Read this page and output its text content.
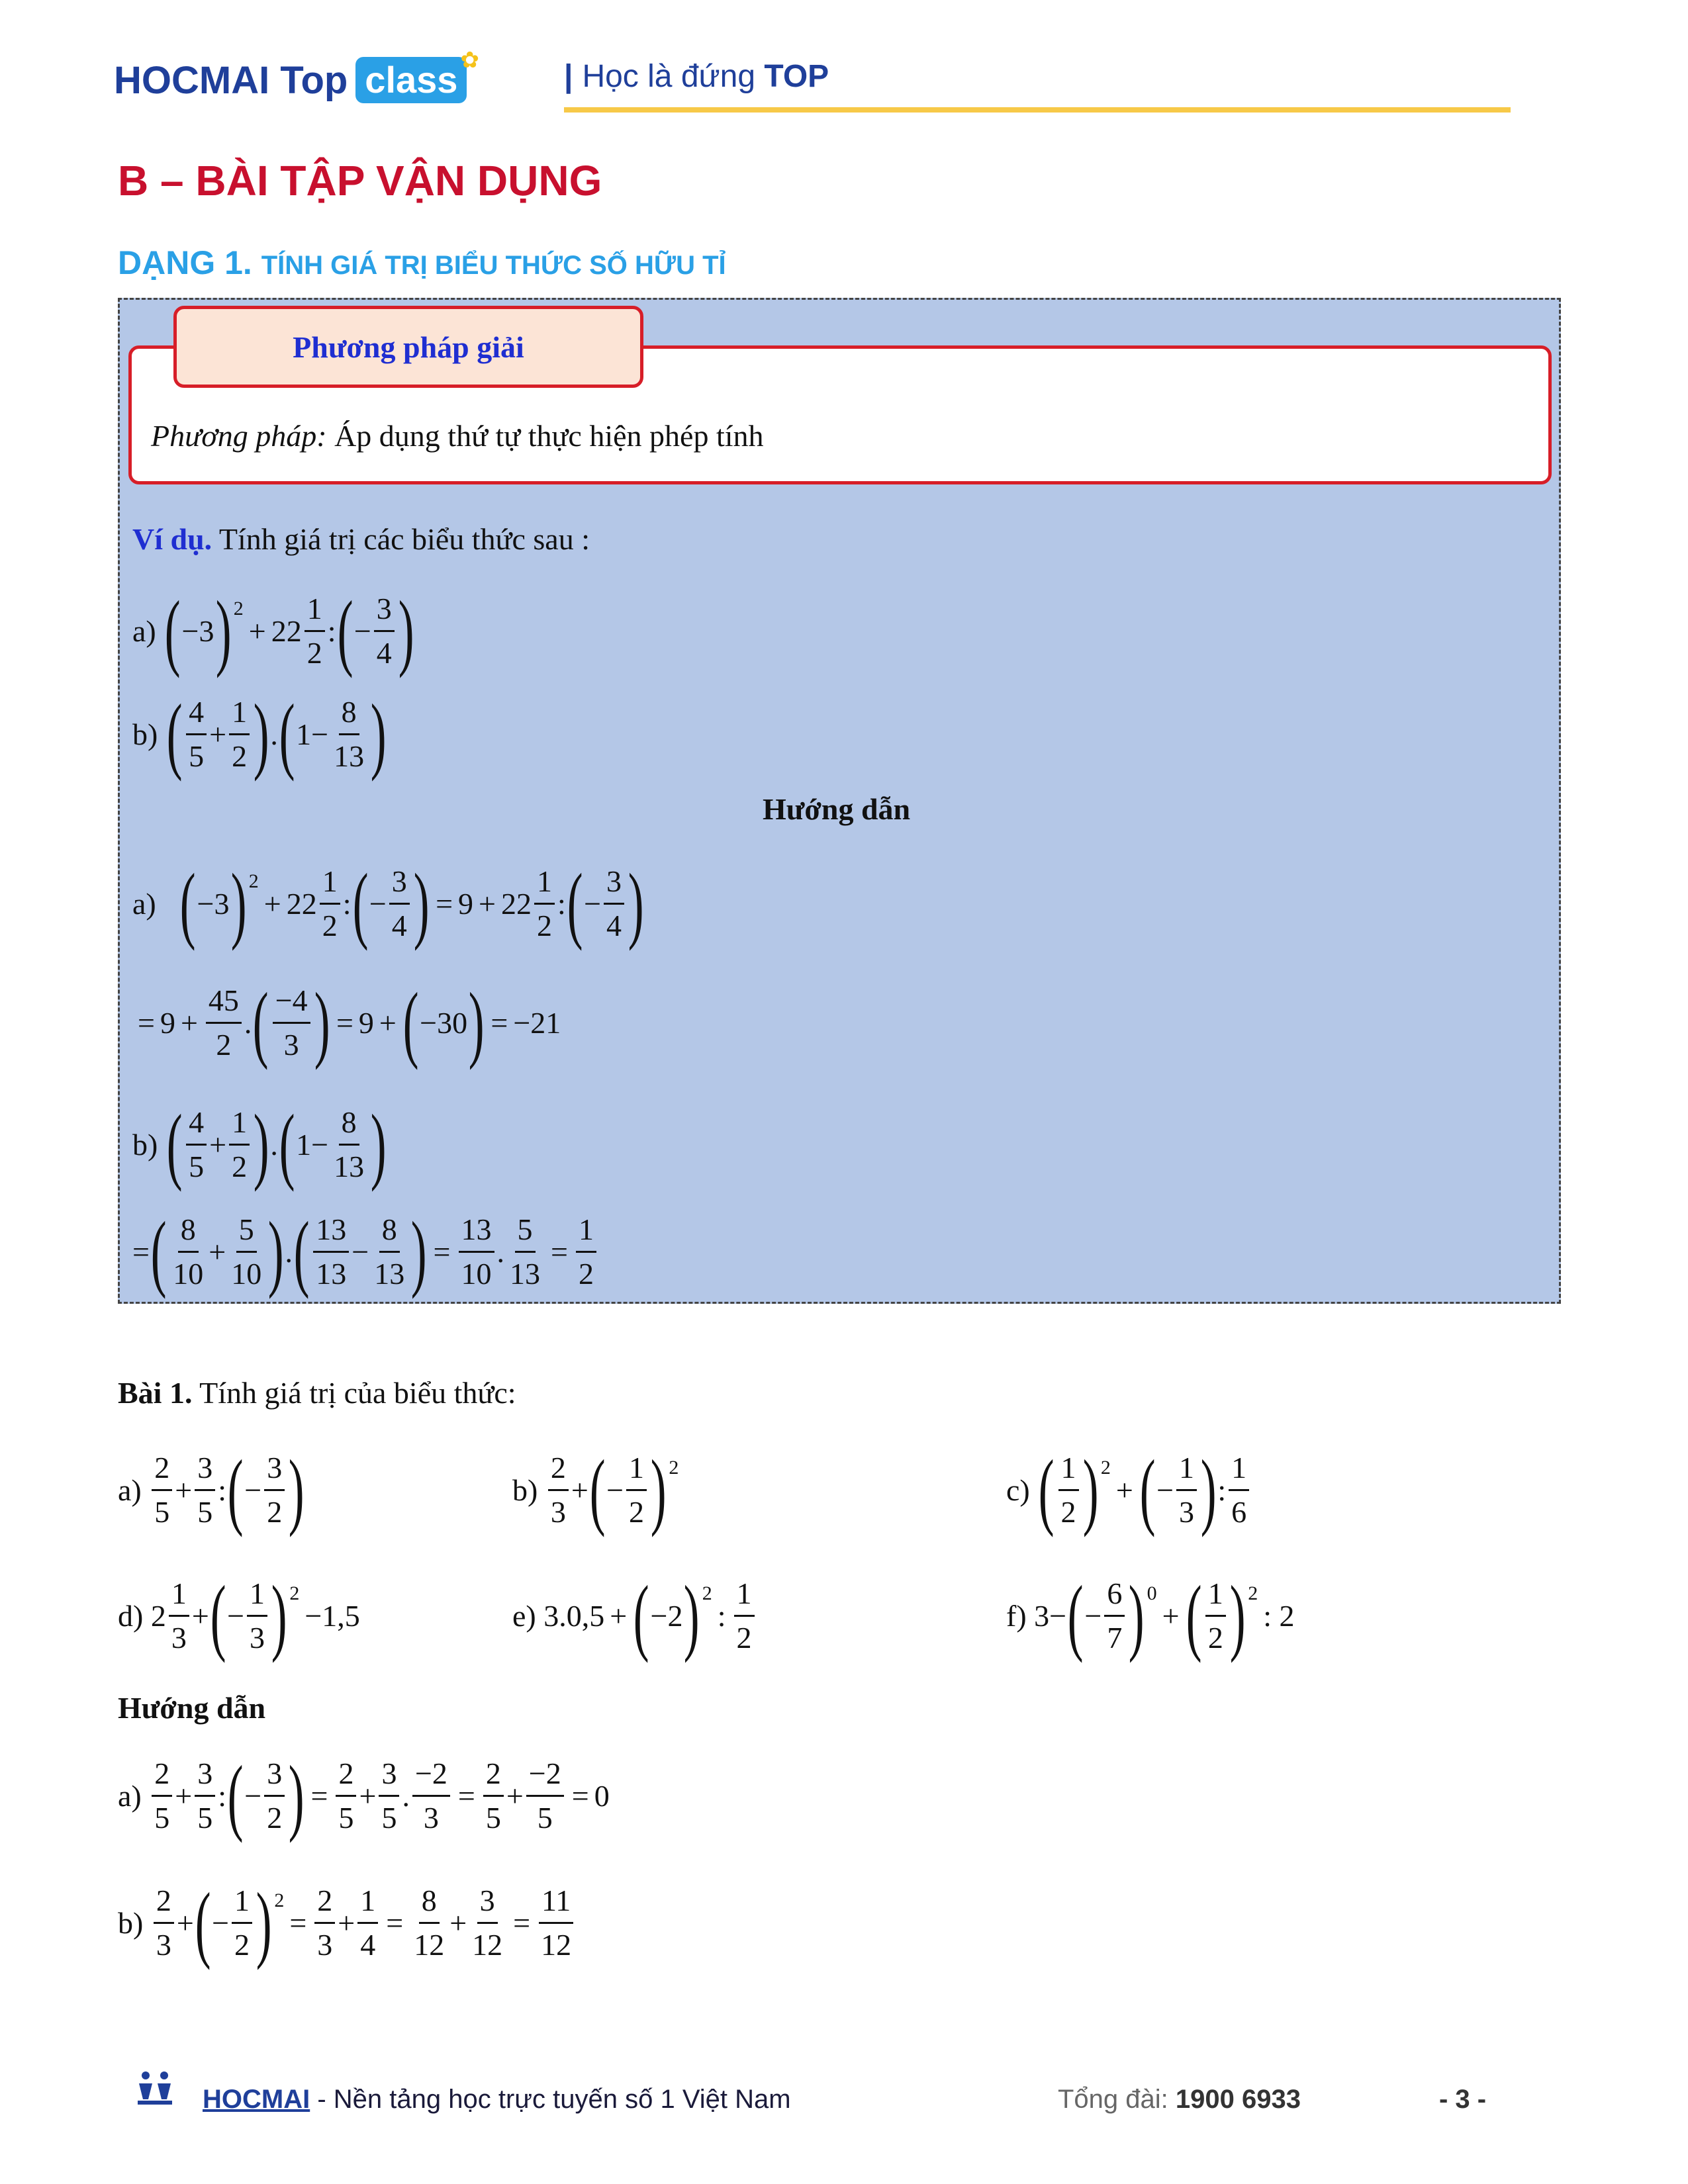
HOCMAI Top class ✿	| Học là đứng TOP
B – BÀI TẬP VẬN DỤNG
DẠNG 1. TÍNH GIÁ TRỊ BIỂU THỨC SỐ HỮU TỈ
Phương pháp giải
Phương pháp: Áp dụng thứ tự thực hiện phép tính
Ví dụ. Tính giá trị các biểu thức sau :
a) ( −3 ) 2
+ 22
1
2
: ( − $\frac{3}{4}$ )
b) ( 4
5
+ $\frac{1}{2}$ ) . ( $1- \frac{8}{13}$ )
Hướng dẫn
a) ( −3 ) 2
+ 22
1
2
: ( − $\frac{3}{4}$ ) = 9 + 22
1
2
: ( − $\frac{3}{4}$ )
= $9 + \frac{45}{2}$ . ( −4
3 ) = 9 + ( −30 ) = −21
b) ( 4
5
+ $\frac{1}{2}$ ) . ( $1- \frac{8}{13}$ )
= ( 8
10
+ $\frac{5}{10}$ ) . ( 13
13
− $\frac{8}{13}$ ) = $\frac{13}{10}$ . $\frac{5}{13} = \frac{1}{2}$
Bài 1. Tính giá trị của biểu thức:
a)
2
5
+ $\frac{3}{5}$ : ( − $\frac{3}{2}$ )	b)
2
3
+ ( − $\frac{1}{2}$ ) 2
c) ( 1
2 ) 2
+ ( − $\frac{1}{3}$ ) :
1
6
d) 2
1
3
+ ( − $\frac{1}{3}$ ) 2
−1,5	e) 3.0,5 + ( −2 ) 2
:
1
2
f) 3− ( − $\frac{6}{7}$ ) 0
+ ( 1
2 ) 2
: 2
Hướng dẫn
a)
2
5
+ $\frac{3}{5}$ : ( − $\frac{3}{2}$ ) = $\frac{2}{5} + \frac{3}{5}$ . $\frac{-2}{3} = \frac{2}{5} + \frac{-2}{5} = 0$
b)
2
3
+ ( − $\frac{1}{2}$ ) 2
= $\frac{2}{3} + \frac{1}{4} = \frac{8}{12} + \frac{3}{12} = \frac{11}{12}$
HOCMAI - Nền tảng học trực tuyến số 1 Việt Nam	Tổng đài: 1900 6933	- 3 -
